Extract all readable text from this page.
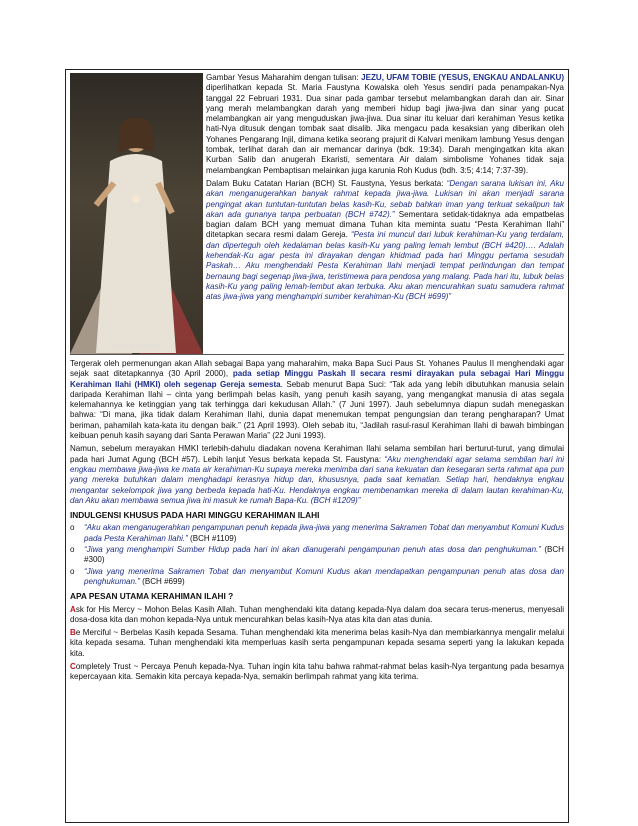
JEZU, UFAM TOBIE

Gambar Yesus Maharahim dengan tulisan: JEZU, UFAM TOBIE (YESUS, ENGKAU ANDALANKU) diperlihatkan kepada St. Maria Faustyna Kowalska oleh Yesus sendiri pada penampakan-Nya tanggal 22 Februari 1931. Dua sinar pada gambar tersebut melambangkan darah dan air. Sinar yang merah melambangkan darah yang memberi hidup bagi jiwa-jiwa dan sinar yang pucat melambangkan air yang menguduskan jiwa-jiwa. Dua sinar itu keluar dari kerahiman Yesus ketika hati-Nya ditusuk dengan tombak saat disalib. Jika mengacu pada kesaksian yang diberikan oleh Yohanes Pengarang Injil, dimana ketika seorang prajurit di Kalvari menikam lambung Yesus dengan tombak, terlihat darah dan air memancar darinya (bdk. 19:34). Darah mengingatkan kita akan Kurban Salib dan anugerah Ekaristi, sementara Air dalam simbolisme Yohanes tidak saja melambangkan Pembaptisan melainkan juga karunia Roh Kudus (bdh. 3:5; 4:14; 7:37-39).

Dalam Buku Catatan Harian (BCH) St. Faustyna, Yesus berkata: “Dengan sarana lukisan ini, Aku akan menganugerahkan banyak rahmat kepada jiwa-jiwa. Lukisan ini akan menjadi sarana pengingat akan tuntutan-tuntutan belas kasih-Ku, sebab bahkan iman yang terkuat sekalipun tak akan ada gunanya tanpa perbuatan (BCH #742).” Sementara setidak-tidaknya ada empatbelas bagian dalam BCH yang memuat dimana Tuhan kita meminta suatu “Pesta Kerahiman Ilahi” ditetapkan secara resmi dalam Gereja. “Pesta ini muncul dari lubuk kerahiman-Ku yang terdalam, dan diperteguh oleh kedalaman belas kasih-Ku yang paling lemah lembut (BCH #420)…. Adalah kehendak-Ku agar pesta ini dirayakan dengan khidmad pada hari Minggu pertama sesudah Paskah… Aku menghendaki Pesta Kerahiman Ilahi menjadi tempat perlindungan dan tempat bernaung bagi segenap jiwa-jiwa, teristimewa para pendosa yang malang. Pada hari itu, lubuk belas kasih-Ku yang paling lemah-lembut akan terbuka. Aku akan mencurahkan suatu samudera rahmat atas jiwa-jiwa yang menghampiri sumber kerahiman-Ku (BCH #699)”

Tergerak oleh permenungan akan Allah sebagai Bapa yang maharahim, maka Bapa Suci Paus St. Yohanes Paulus II menghendaki agar sejak saat ditetapkannya (30 April 2000), pada setiap Minggu Paskah II secara resmi dirayakan pula sebagai Hari Minggu Kerahiman Ilahi (HMKI) oleh segenap Gereja semesta. Sebab menurut Bapa Suci: “Tak ada yang lebih dibutuhkan manusia selain daripada Kerahiman Ilahi – cinta yang berlimpah belas kasih, yang penuh kasih sayang, yang mengangkat manusia di atas segala kelemahannya ke ketinggian yang tak terhingga dari kekudusan Allah.” (7 Juni 1997). Jauh sebelumnya diapun sudah menegaskan bahwa: “Di mana, jika tidak dalam Kerahiman Ilahi, dunia dapat menemukan tempat pengungsian dan terang pengharapan? Umat beriman, pahamilah kata-kata itu dengan baik.” (21 April 1993). Oleh sebab itu, “Jadilah rasul-rasul Kerahiman Ilahi di bawah bimbingan keibuan penuh kasih sayang dari Santa Perawan Maria” (22 Juni 1993).

Namun, sebelum merayakan HMKI terlebih-dahulu diadakan novena Kerahiman Ilahi selama sembilan hari berturut-turut, yang dimulai pada hari Jumat Agung (BCH #57). Lebih lanjut Yesus berkata kepada St. Faustyna: “Aku menghendaki agar selama sembilan hari ini engkau membawa jiwa-jiwa ke mata air kerahiman-Ku supaya mereka menimba dari sana kekuatan dan kesegaran serta rahmat apa pun yang mereka butuhkan dalam menghadapi kerasnya hidup dan, khususnya, pada saat kematian. Setiap hari, hendaknya engkau mengantar sekelompok jiwa yang berbeda kepada hati-Ku. Hendaknya engkau membenamkan mereka di dalam lautan kerahiman-Ku, dan Aku akan membawa semua jiwa ini masuk ke rumah Bapa-Ku. (BCH #1209)”

INDULGENSI KHUSUS PADA HARI MINGGU KERAHIMAN ILAHI
o “Aku akan menganugerahkan pengampunan penuh kepada jiwa-jiwa yang menerima Sakramen Tobat dan menyambut Komuni Kudus pada Pesta Kerahiman Ilahi.” (BCH #1109)
o “Jiwa yang menghampiri Sumber Hidup pada hari ini akan dianugerahi pengampunan penuh atas dosa dan penghukuman.” (BCH #300)
o “Jiwa yang menerima Sakramen Tobat dan menyambut Komuni Kudus akan mendapatkan pengampunan penuh atas dosa dan penghukuman.” (BCH #699)
APA PESAN UTAMA KERAHIMAN ILAHI ?

Ask for His Mercy ~ Mohon Belas Kasih Allah. Tuhan menghendaki kita datang kepada-Nya dalam doa secara terus-menerus, menyesali dosa-dosa kita dan mohon kepada-Nya untuk mencurahkan belas kasih-Nya atas kita dan atas dunia.

Be Merciful ~ Berbelas Kasih kepada Sesama. Tuhan menghendaki kita menerima belas kasih-Nya dan membiarkannya mengalir melalui kita kepada sesama. Tuhan menghendaki kita memperluas kasih serta pengampunan kepada sesama seperti yang Ia lakukan kepada kita.

Completely Trust ~ Percaya Penuh kepada-Nya. Tuhan ingin kita tahu bahwa rahmat-rahmat belas kasih-Nya tergantung pada besarnya kepercayaan kita. Semakin kita percaya kepada-Nya, semakin berlimpah rahmat yang kita terima.
